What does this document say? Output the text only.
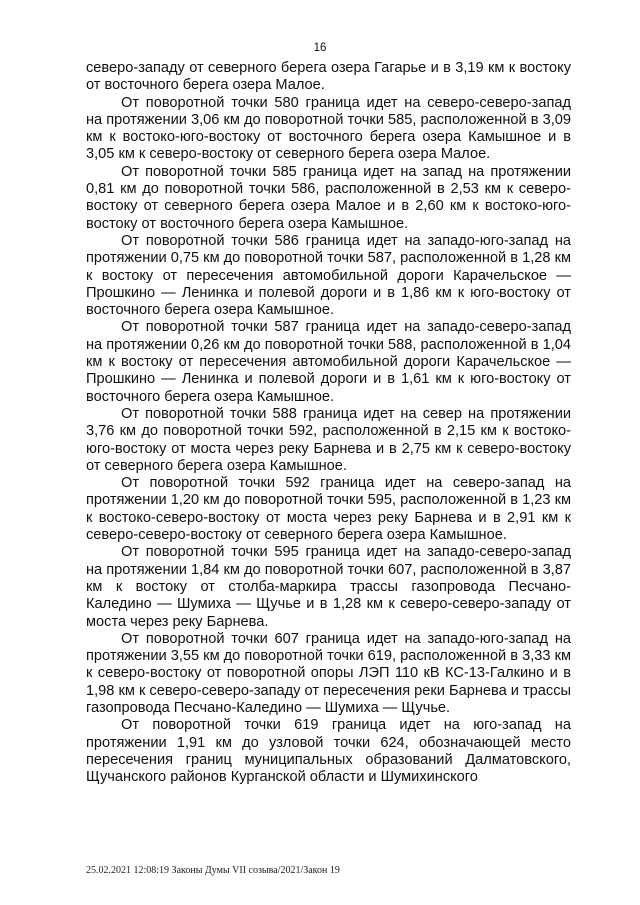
16

северо-западу от северного берега озера Гагарье и в 3,19 км к востоку от восточного берега озера Малое.

От поворотной точки 580 граница идет на северо-северо-запад на протяжении 3,06 км до поворотной точки 585, расположенной в 3,09 км к востоко-юго-востоку от восточного берега озера Камышное и в 3,05 км к северо-востоку от северного берега озера Малое.

От поворотной точки 585 граница идет на запад на протяжении 0,81 км до поворотной точки 586, расположенной в 2,53 км к северо-востоку от северного берега озера Малое и в 2,60 км к востоко-юго-востоку от восточного берега озера Камышное.

От поворотной точки 586 граница идет на западо-юго-запад на протяжении 0,75 км до поворотной точки 587, расположенной в 1,28 км к востоку от пересечения автомобильной дороги Карачельское — Прошкино — Ленинка и полевой дороги и в 1,86 км к юго-востоку от восточного берега озера Камышное.

От поворотной точки 587 граница идет на западо-северо-запад на протяжении 0,26 км до поворотной точки 588, расположенной в 1,04 км к востоку от пересечения автомобильной дороги Карачельское — Прошкино — Ленинка и полевой дороги и в 1,61 км к юго-востоку от восточного берега озера Камышное.

От поворотной точки 588 граница идет на север на протяжении 3,76 км до поворотной точки 592, расположенной в 2,15 км к востоко-юго-востоку от моста через реку Барнева и в 2,75 км к северо-востоку от северного берега озера Камышное.

От поворотной точки 592 граница идет на северо-запад на протяжении 1,20 км до поворотной точки 595, расположенной в 1,23 км к востоко-северо-востоку от моста через реку Барнева и в 2,91 км к северо-северо-востоку от северного берега озера Камышное.

От поворотной точки 595 граница идет на западо-северо-запад на протяжении 1,84 км до поворотной точки 607, расположенной в 3,87 км к востоку от столба-маркира трассы газопровода Песчано-Каледино — Шумиха — Щучье и в 1,28 км к северо-северо-западу от моста через реку Барнева.

От поворотной точки 607 граница идет на западо-юго-запад на протяжении 3,55 км до поворотной точки 619, расположенной в 3,33 км к северо-востоку от поворотной опоры ЛЭП 110 кВ КС-13-Галкино и в 1,98 км к северо-северо-западу от пересечения реки Барнева и трассы газопровода Песчано-Каледино — Шумиха — Щучье.

От поворотной точки 619 граница идет на юго-запад на протяжении 1,91 км до узловой точки 624, обозначающей место пересечения границ муниципальных образований Далматовского, Щучанского районов Курганской области и Шумихинского

25.02.2021 12:08:19 Законы Думы VII созыва/2021/Закон 19
